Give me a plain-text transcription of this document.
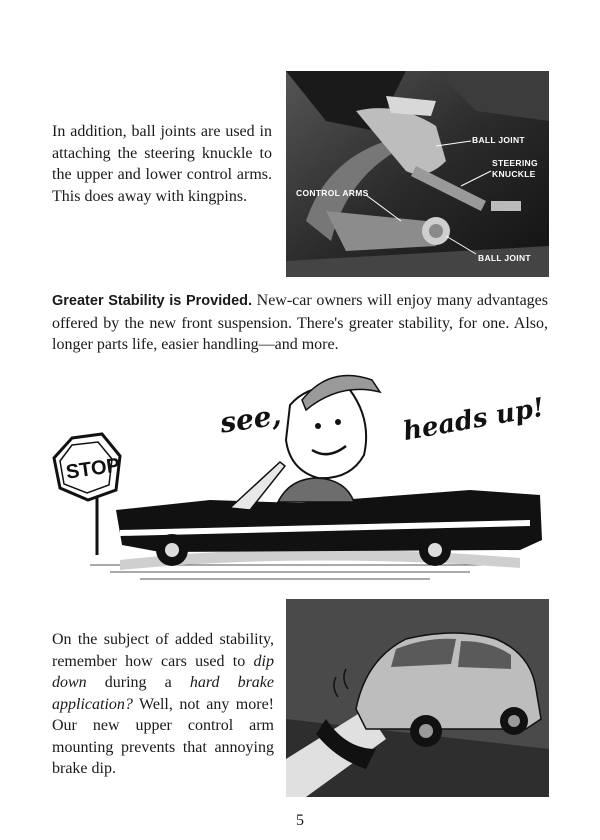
In addition, ball joints are used in attaching the steering knuckle to the upper and lower control arms. This does away with kingpins.

BALL JOINT
STEERING
KNUCKLE
CONTROL ARMS
BALL JOINT

Greater Stability is Provided. New-car owners will enjoy many advantages offered by the new front suspension. There's greater stability, for one. Also, longer parts life, easier handling—and more.

STOP
see,	heads up!

On the subject of added stability, remember how cars used to dip down during a hard brake application? Well, not any more! Our new upper control arm mounting prevents that annoying brake dip.

5
